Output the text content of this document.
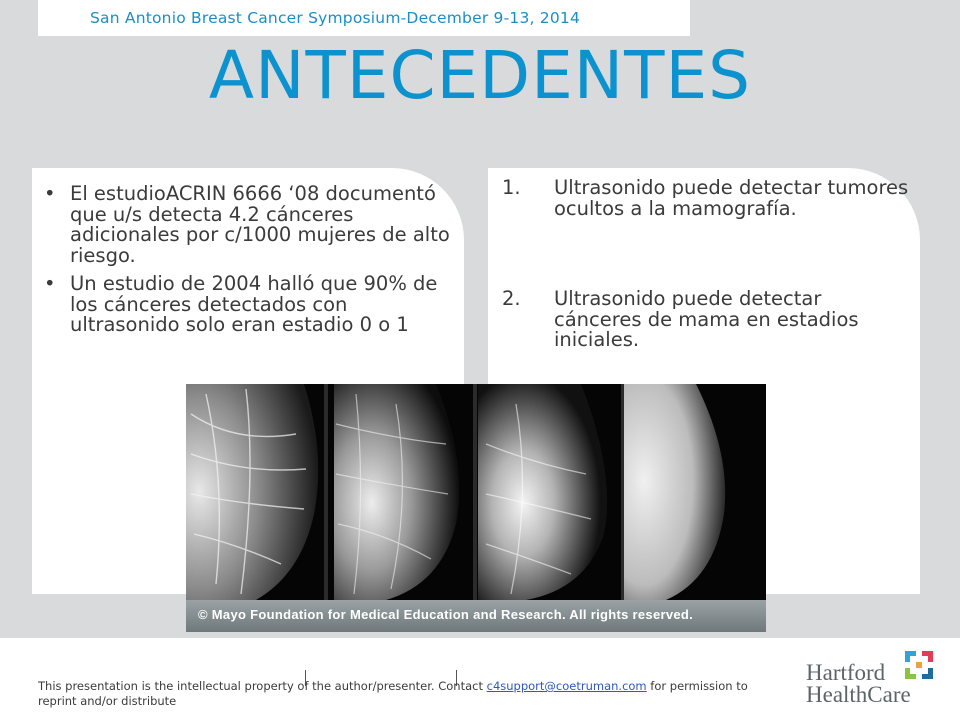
San Antonio Breast Cancer Symposium-December 9-13, 2014
ANTECEDENTES
• El estudioACRIN 6666 ‘08 documentó que u/s detecta 4.2 cánceres adicionales por c/1000 mujeres de alto riesgo.
• Un estudio de 2004 halló que 90% de los cánceres detectados con ultrasonido solo eran estadio 0 o 1
1. Ultrasonido puede detectar tumores ocultos a la mamografía.
2. Ultrasonido puede detectar cánceres de mama en estadios iniciales.
© Mayo Foundation for Medical Education and Research. All rights reserved.
This presentation is the intellectual property of the author/presenter. Contact c4support@coetruman.com for permission to reprint and/or distribute
Hartford
HealthCare
